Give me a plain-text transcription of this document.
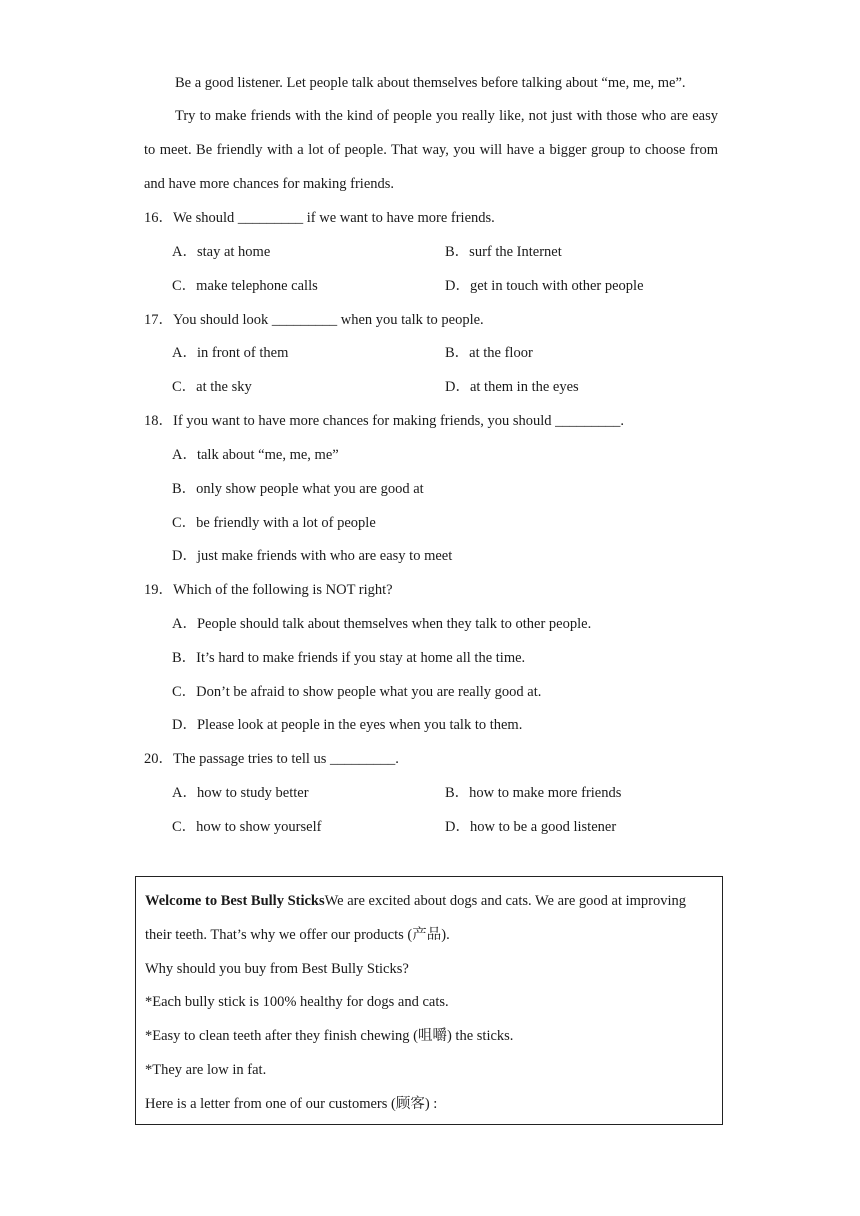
Be a good listener. Let people talk about themselves before talking about “me, me, me”.
Try to make friends with the kind of people you really like, not just with those who are easy to meet. Be friendly with a lot of people. That way, you will have a bigger group to choose from and have more chances for making friends.
16．We should _________ if we want to have more friends.
A．stay at home	B．surf the Internet
C．make telephone calls	D．get in touch with other people
17．You should look _________ when you talk to people.
A．in front of them	B．at the floor
C．at the sky	D．at them in the eyes
18．If you want to have more chances for making friends, you should _________.
A．talk about “me, me, me”
B．only show people what you are good at
C．be friendly with a lot of people
D．just make friends with who are easy to meet
19．Which of the following is NOT right?
A．People should talk about themselves when they talk to other people.
B．It’s hard to make friends if you stay at home all the time.
C．Don’t be afraid to show people what you are really good at.
D．Please look at people in the eyes when you talk to them.
20．The passage tries to tell us _________.
A．how to study better	B．how to make more friends
C．how to show yourself	D．how to be a good listener
Welcome to Best Bully SticksWe are excited about dogs and cats. We are good at improving
their teeth. That’s why we offer our products (产品).
Why should you buy from Best Bully Sticks?
*Each bully stick is 100% healthy for dogs and cats.
*Easy to clean teeth after they finish chewing (咀嚼) the sticks.
*They are low in fat.
Here is a letter from one of our customers (顾客) :
